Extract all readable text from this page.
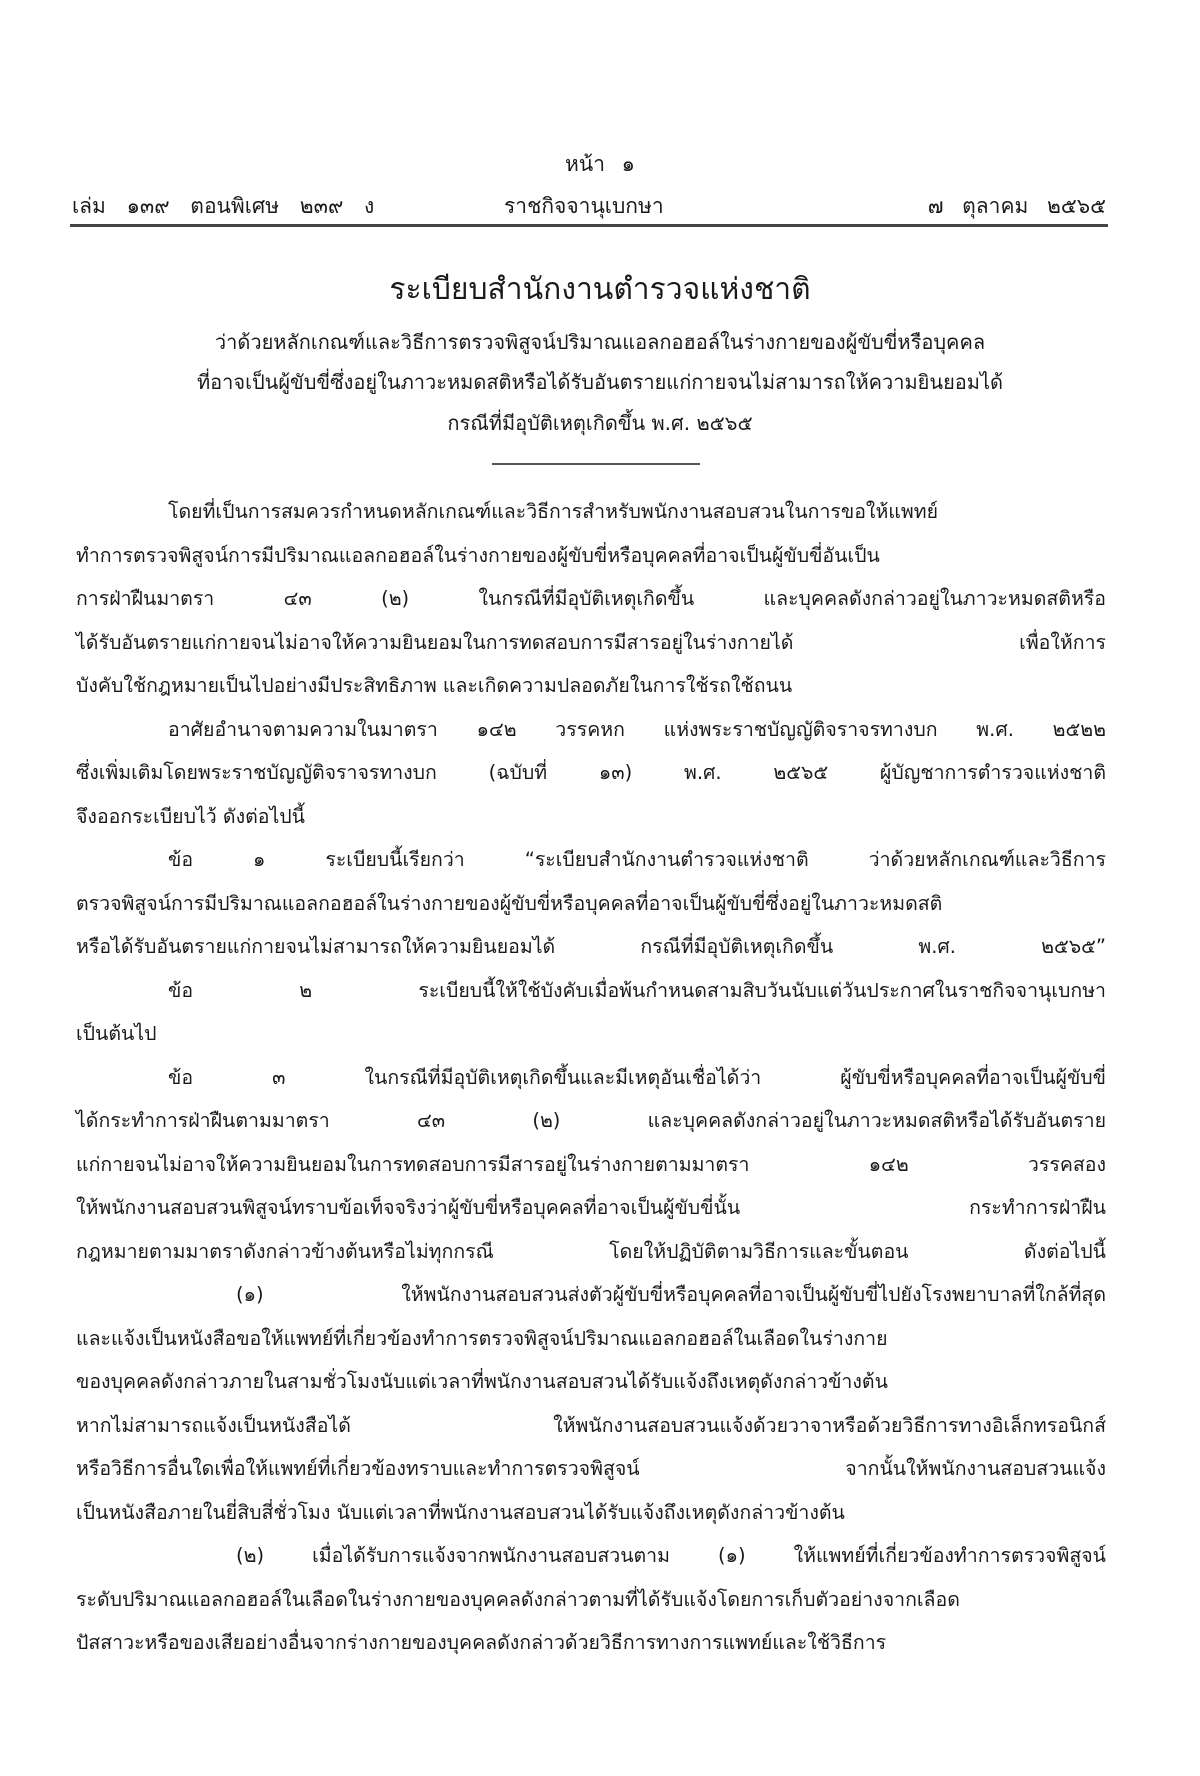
หน้า ๑
เล่ม ๑๓๙ ตอนพิเศษ ๒๓๙ ง	ราชกิจจานุเบกษา	๗ ตุลาคม ๒๕๖๕
ระเบียบสำนักงานตำรวจแห่งชาติ
ว่าด้วยหลักเกณฑ์และวิธีการตรวจพิสูจน์ปริมาณแอลกอฮอล์ในร่างกายของผู้ขับขี่หรือบุคคล
ที่อาจเป็นผู้ขับขี่ซึ่งอยู่ในภาวะหมดสติหรือได้รับอันตรายแก่กายจนไม่สามารถให้ความยินยอมได้
กรณีที่มีอุบัติเหตุเกิดขึ้น พ.ศ. ๒๕๖๕
โดยที่เป็นการสมควรกำหนดหลักเกณฑ์และวิธีการสำหรับพนักงานสอบสวนในการขอให้แพทย์
ทำการตรวจพิสูจน์การมีปริมาณแอลกอฮอล์ในร่างกายของผู้ขับขี่หรือบุคคลที่อาจเป็นผู้ขับขี่อันเป็น
การฝ่าฝืนมาตรา ๔๓ (๒) ในกรณีที่มีอุบัติเหตุเกิดขึ้น และบุคคลดังกล่าวอยู่ในภาวะหมดสติหรือ
ได้รับอันตรายแก่กายจนไม่อาจให้ความยินยอมในการทดสอบการมีสารอยู่ในร่างกายได้ เพื่อให้การ
บังคับใช้กฎหมายเป็นไปอย่างมีประสิทธิภาพ และเกิดความปลอดภัยในการใช้รถใช้ถนน
อาศัยอำนาจตามความในมาตรา ๑๔๒ วรรคหก แห่งพระราชบัญญัติจราจรทางบก พ.ศ. ๒๕๒๒
ซึ่งเพิ่มเติมโดยพระราชบัญญัติจราจรทางบก (ฉบับที่ ๑๓) พ.ศ. ๒๕๖๕ ผู้บัญชาการตำรวจแห่งชาติ
จึงออกระเบียบไว้ ดังต่อไปนี้
ข้อ ๑ ระเบียบนี้เรียกว่า “ระเบียบสำนักงานตำรวจแห่งชาติ ว่าด้วยหลักเกณฑ์และวิธีการ
ตรวจพิสูจน์การมีปริมาณแอลกอฮอล์ในร่างกายของผู้ขับขี่หรือบุคคลที่อาจเป็นผู้ขับขี่ซึ่งอยู่ในภาวะหมดสติ
หรือได้รับอันตรายแก่กายจนไม่สามารถให้ความยินยอมได้ กรณีที่มีอุบัติเหตุเกิดขึ้น พ.ศ. ๒๕๖๕”
ข้อ ๒ ระเบียบนี้ให้ใช้บังคับเมื่อพ้นกำหนดสามสิบวันนับแต่วันประกาศในราชกิจจานุเบกษา
เป็นต้นไป
ข้อ ๓ ในกรณีที่มีอุบัติเหตุเกิดขึ้นและมีเหตุอันเชื่อได้ว่า ผู้ขับขี่หรือบุคคลที่อาจเป็นผู้ขับขี่
ได้กระทำการฝ่าฝืนตามมาตรา ๔๓ (๒) และบุคคลดังกล่าวอยู่ในภาวะหมดสติหรือได้รับอันตราย
แก่กายจนไม่อาจให้ความยินยอมในการทดสอบการมีสารอยู่ในร่างกายตามมาตรา ๑๔๒ วรรคสอง
ให้พนักงานสอบสวนพิสูจน์ทราบข้อเท็จจริงว่าผู้ขับขี่หรือบุคคลที่อาจเป็นผู้ขับขี่นั้น กระทำการฝ่าฝืน
กฎหมายตามมาตราดังกล่าวข้างต้นหรือไม่ทุกกรณี โดยให้ปฏิบัติตามวิธีการและขั้นตอน ดังต่อไปนี้
(๑) ให้พนักงานสอบสวนส่งตัวผู้ขับขี่หรือบุคคลที่อาจเป็นผู้ขับขี่ไปยังโรงพยาบาลที่ใกล้ที่สุด
และแจ้งเป็นหนังสือขอให้แพทย์ที่เกี่ยวข้องทำการตรวจพิสูจน์ปริมาณแอลกอฮอล์ในเลือดในร่างกาย
ของบุคคลดังกล่าวภายในสามชั่วโมงนับแต่เวลาที่พนักงานสอบสวนได้รับแจ้งถึงเหตุดังกล่าวข้างต้น
หากไม่สามารถแจ้งเป็นหนังสือได้ ให้พนักงานสอบสวนแจ้งด้วยวาจาหรือด้วยวิธีการทางอิเล็กทรอนิกส์
หรือวิธีการอื่นใดเพื่อให้แพทย์ที่เกี่ยวข้องทราบและทำการตรวจพิสูจน์ จากนั้นให้พนักงานสอบสวนแจ้ง
เป็นหนังสือภายในยี่สิบสี่ชั่วโมง นับแต่เวลาที่พนักงานสอบสวนได้รับแจ้งถึงเหตุดังกล่าวข้างต้น
(๒) เมื่อได้รับการแจ้งจากพนักงานสอบสวนตาม (๑) ให้แพทย์ที่เกี่ยวข้องทำการตรวจพิสูจน์
ระดับปริมาณแอลกอฮอล์ในเลือดในร่างกายของบุคคลดังกล่าวตามที่ได้รับแจ้งโดยการเก็บตัวอย่างจากเลือด
ปัสสาวะหรือของเสียอย่างอื่นจากร่างกายของบุคคลดังกล่าวด้วยวิธีการทางการแพทย์และใช้วิธีการ
